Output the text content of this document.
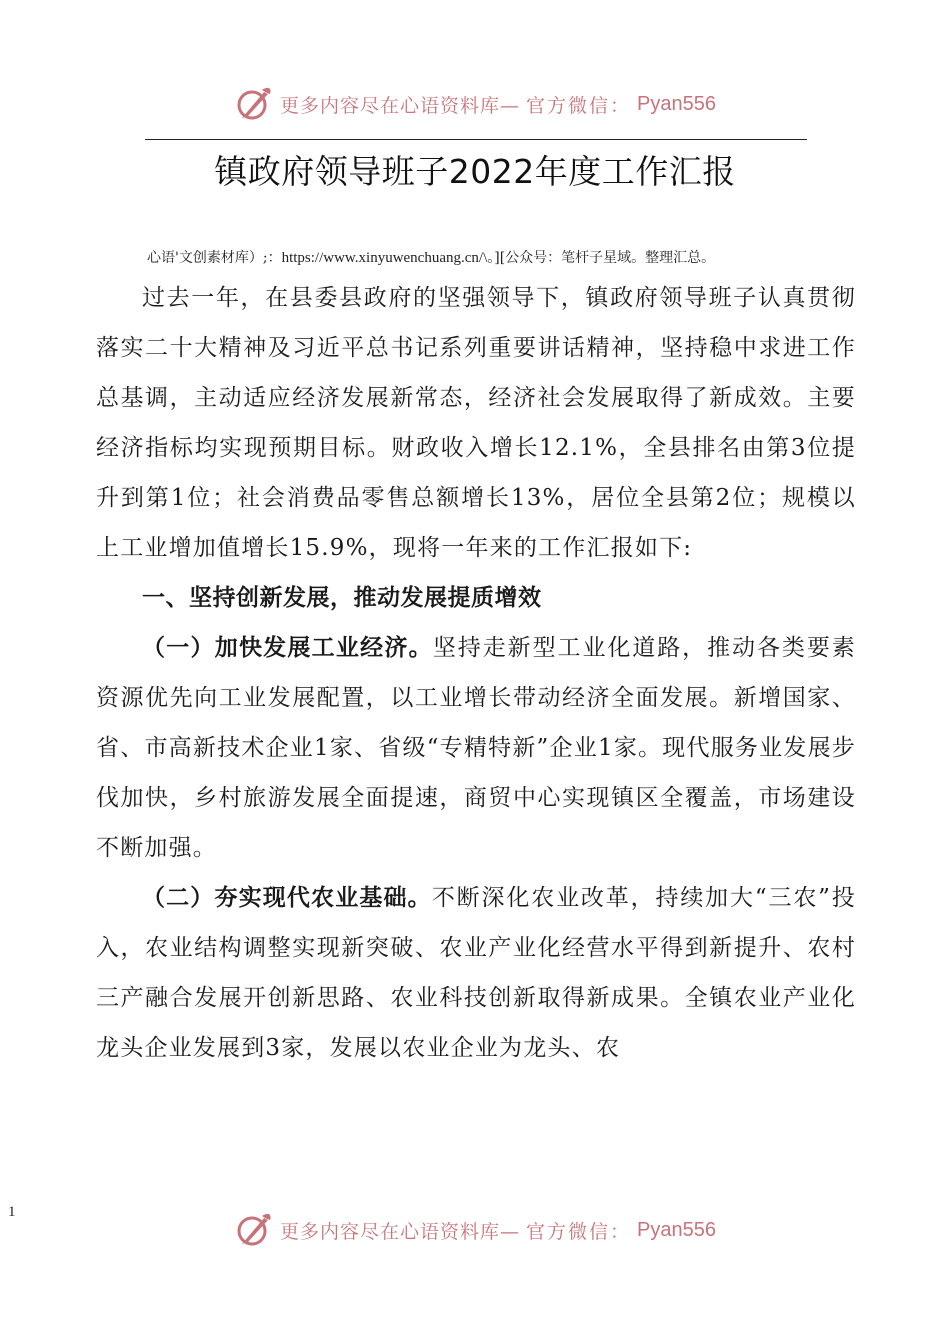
更多内容尽在心语资料库— 官方微信： Pyan556
镇政府领导班子2022年度工作汇报
心语'文创素材库）;：https://www.xinyuwenchuang.cn/\。][公众号：笔杆子星域。整理汇总。

过去一年，在县委县政府的坚强领导下，镇政府领导班子认真贯彻落实二十大精神及习近平总书记系列重要讲话精神，坚持稳中求进工作总基调，主动适应经济发展新常态，经济社会发展取得了新成效。主要经济指标均实现预期目标。财政收入增长12.1%，全县排名由第3位提升到第1位；社会消费品零售总额增长13%，居位全县第2位；规模以上工业增加值增长15.9%，现将一年来的工作汇报如下:

一、坚持创新发展，推动发展提质增效

（一）加快发展工业经济。坚持走新型工业化道路，推动各类要素资源优先向工业发展配置，以工业增长带动经济全面发展。新增国家、省、市高新技术企业1家、省级“专精特新”企业1家。现代服务业发展步伐加快，乡村旅游发展全面提速，商贸中心实现镇区全覆盖，市场建设不断加强。

（二）夯实现代农业基础。不断深化农业改革，持续加大“三农”投入，农业结构调整实现新突破、农业产业化经营水平得到新提升、农村三产融合发展开创新思路、农业科技创新取得新成果。全镇农业产业化龙头企业发展到3家，发展以农业企业为龙头、农

1
更多内容尽在心语资料库— 官方微信： Pyan556
